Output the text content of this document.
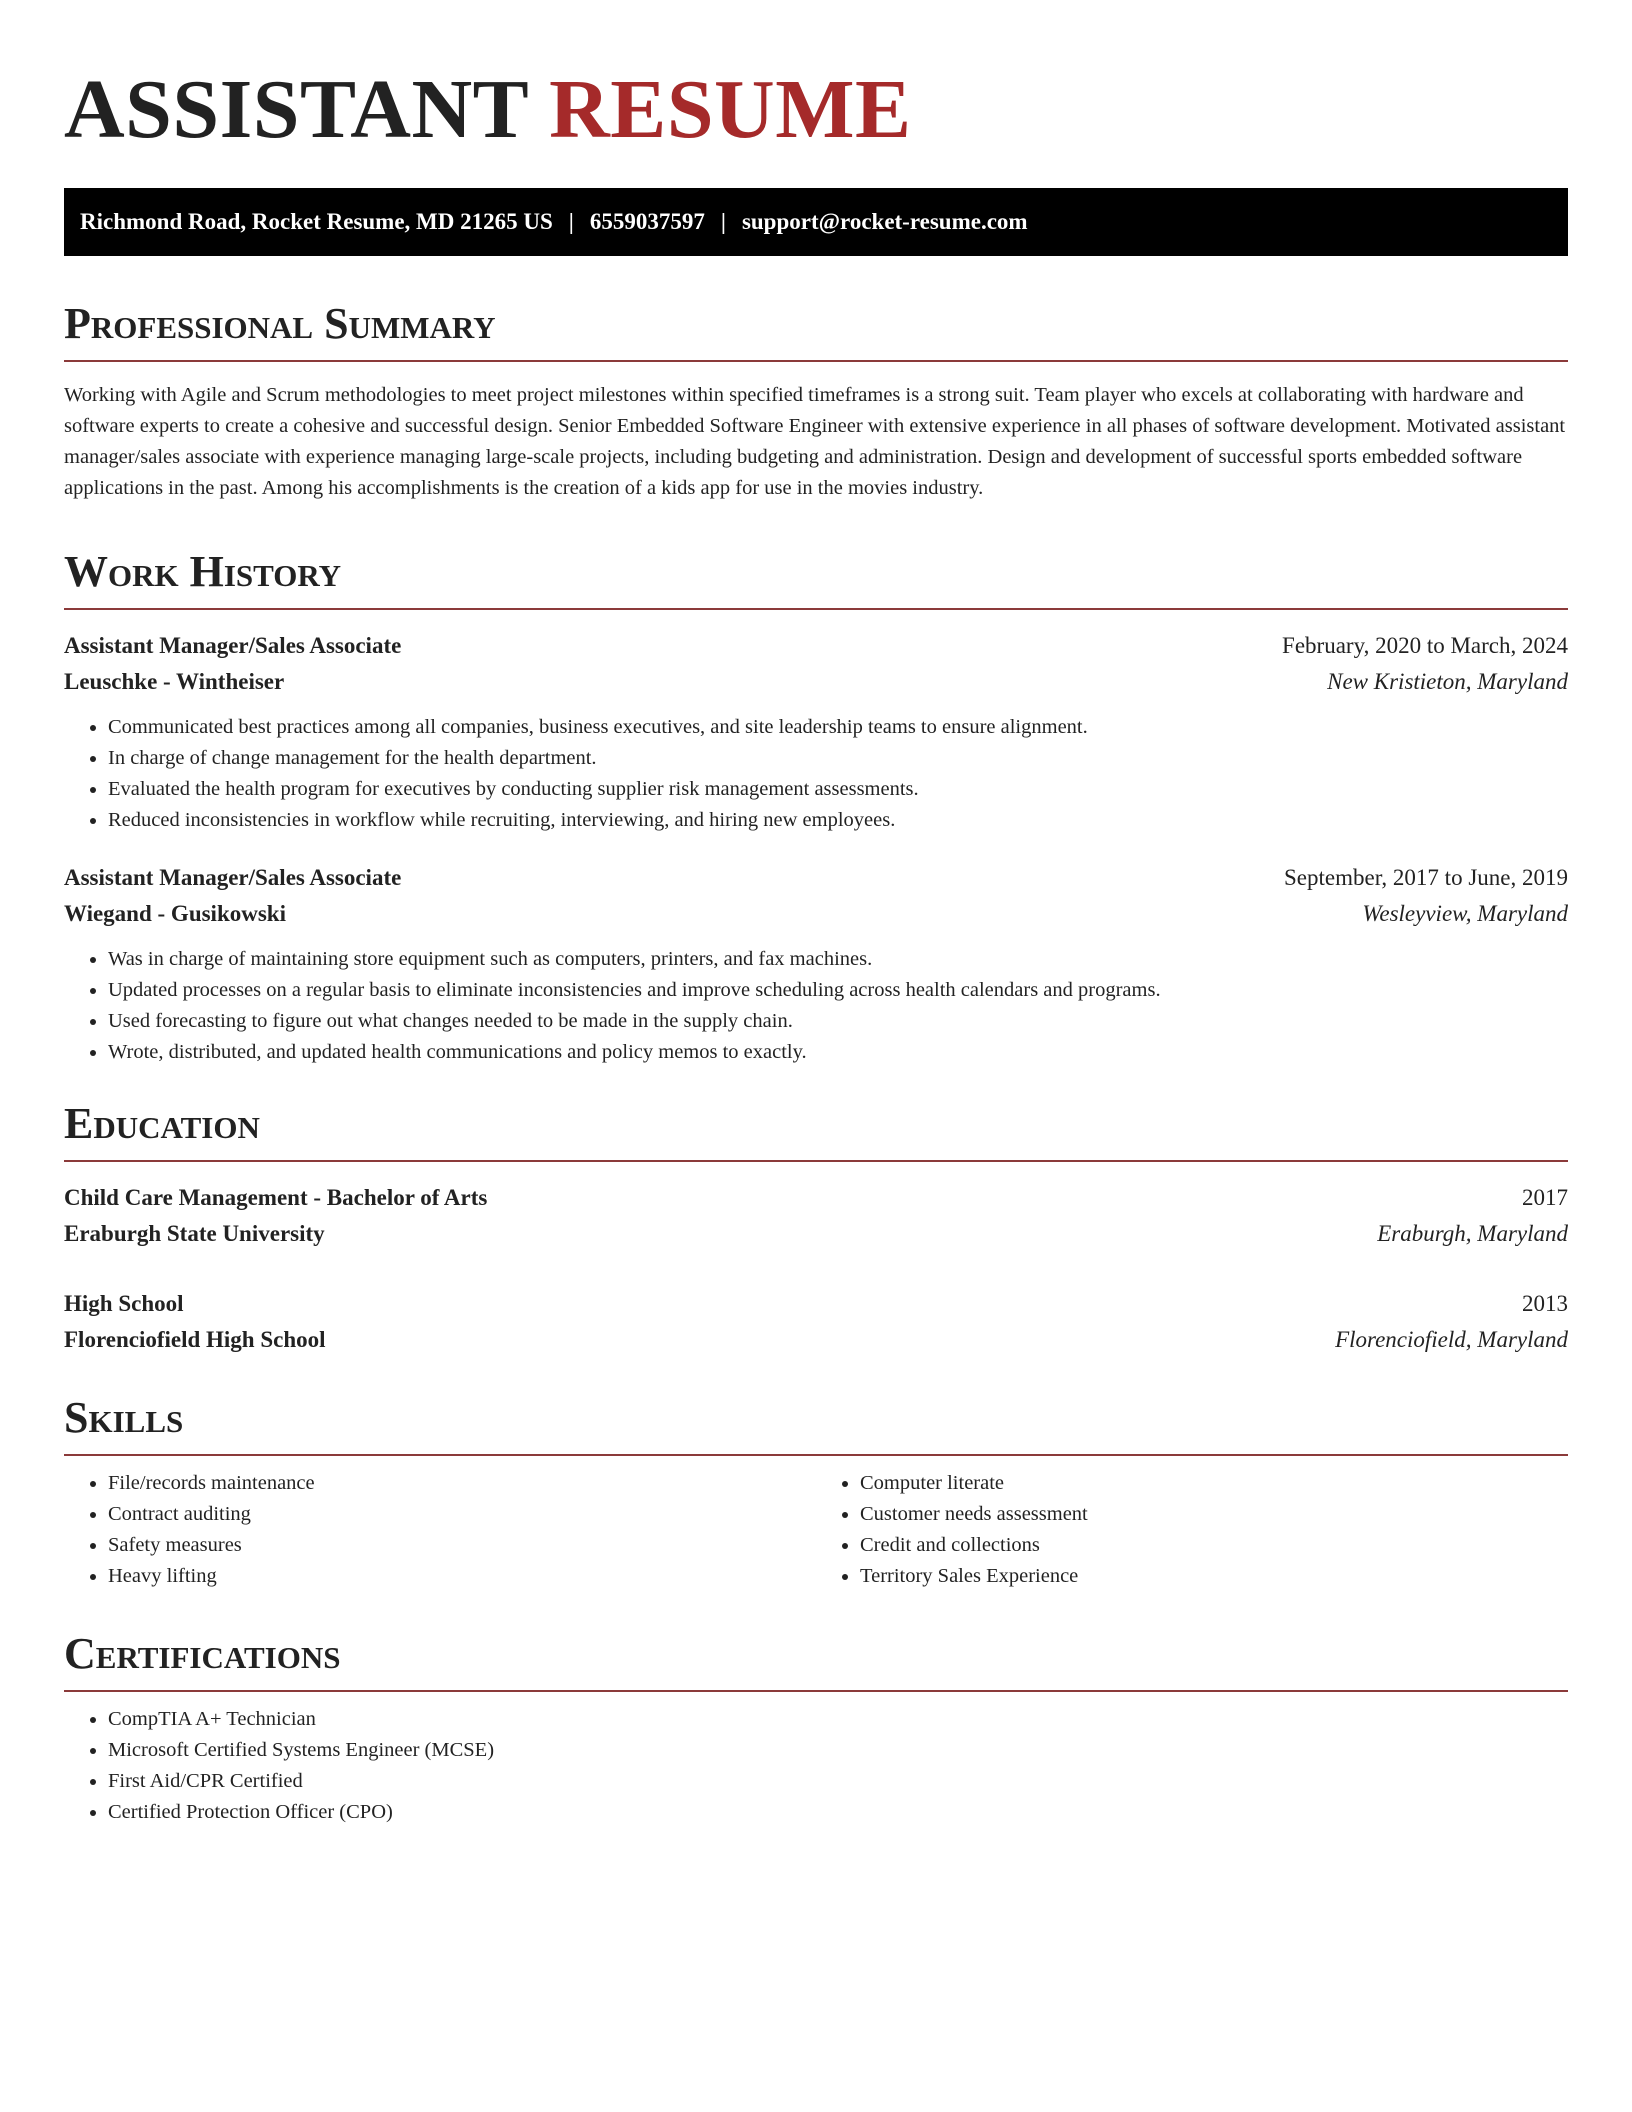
ASSISTANT RESUME
Richmond Road, Rocket Resume, MD 21265 US | 6559037597 | support@rocket-resume.com
Professional Summary

Working with Agile and Scrum methodologies to meet project milestones within specified timeframes is a strong suit. Team player who excels at collaborating with hardware and software experts to create a cohesive and successful design. Senior Embedded Software Engineer with extensive experience in all phases of software development. Motivated assistant manager/sales associate with experience managing large-scale projects, including budgeting and administration. Design and development of successful sports embedded software applications in the past. Among his accomplishments is the creation of a kids app for use in the movies industry.

Work History
Assistant Manager/Sales Associate	February, 2020 to March, 2024
Leuschke - Wintheiser	New Kristieton, Maryland
• Communicated best practices among all companies, business executives, and site leadership teams to ensure alignment.
• In charge of change management for the health department.
• Evaluated the health program for executives by conducting supplier risk management assessments.
• Reduced inconsistencies in workflow while recruiting, interviewing, and hiring new employees.
Assistant Manager/Sales Associate	September, 2017 to June, 2019
Wiegand - Gusikowski	Wesleyview, Maryland
• Was in charge of maintaining store equipment such as computers, printers, and fax machines.
• Updated processes on a regular basis to eliminate inconsistencies and improve scheduling across health calendars and programs.
• Used forecasting to figure out what changes needed to be made in the supply chain.
• Wrote, distributed, and updated health communications and policy memos to exactly.
Education
Child Care Management - Bachelor of Arts	2017
Eraburgh State University	Eraburgh, Maryland
High School	2013
Florenciofield High School	Florenciofield, Maryland
Skills
• File/records maintenance
• Contract auditing
• Safety measures
• Heavy lifting
• Computer literate
• Customer needs assessment
• Credit and collections
• Territory Sales Experience
Certifications
• CompTIA A+ Technician
• Microsoft Certified Systems Engineer (MCSE)
• First Aid/CPR Certified
• Certified Protection Officer (CPO)
